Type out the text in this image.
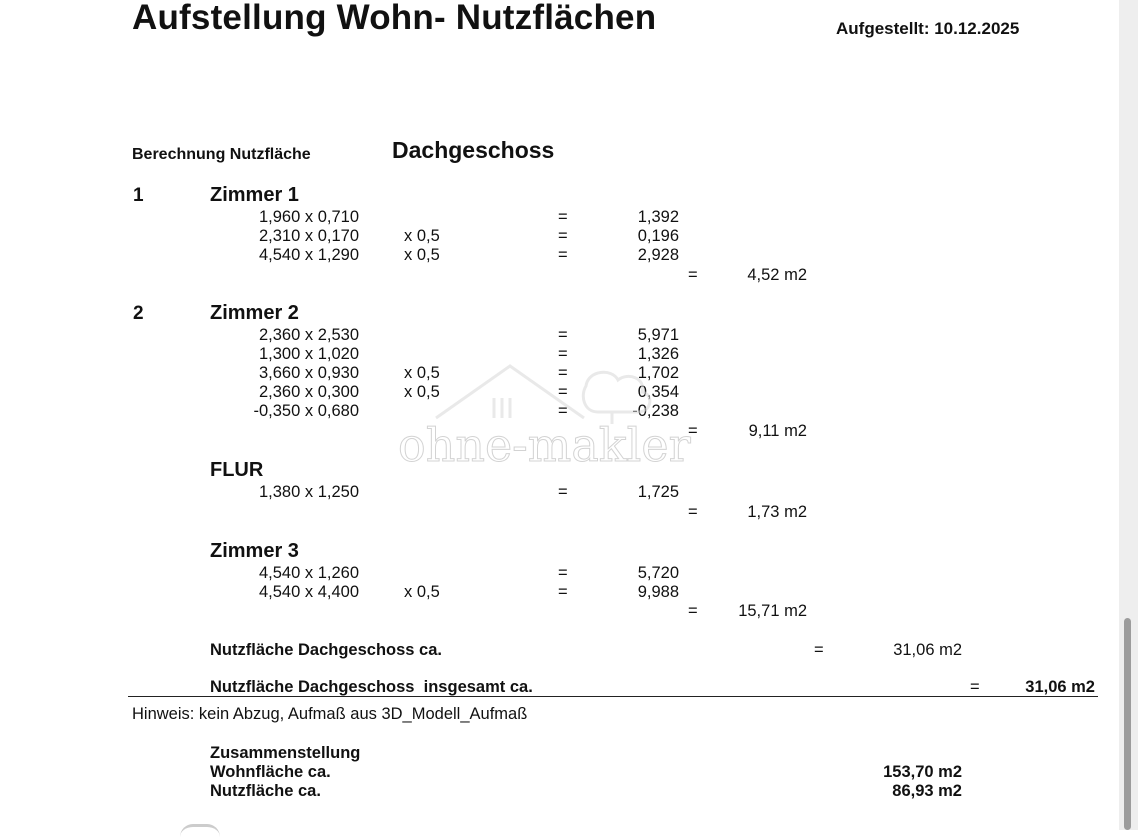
Aufstellung Wohn- Nutzflächen	Aufgestellt: 10.12.2025
Berechnung Nutzfläche	Dachgeschoss
1	Zimmer 1
1,960 x 0,710	=	1,392
2,310 x 0,170	x 0,5	=	0,196
4,540 x 1,290	x 0,5	=	2,928
=	4,52 m2
2	Zimmer 2
2,360 x 2,530	=	5,971
1,300 x 1,020	=	1,326
3,660 x 0,930	x 0,5	=	1,702
2,360 x 0,300	x 0,5	=	0,354
-0,350 x 0,680	=	-0,238
=	9,11 m2
FLUR
1,380 x 1,250	=	1,725
=	1,73 m2
Zimmer 3
4,540 x 1,260	=	5,720
4,540 x 4,400	x 0,5	=	9,988
=	15,71 m2
Nutzfläche Dachgeschoss ca.	=	31,06 m2
Nutzfläche Dachgeschoss  insgesamt ca.	=	31,06 m2
Hinweis: kein Abzug, Aufmaß aus 3D_Modell_Aufmaß
Zusammenstellung
Wohnfläche ca.	153,70 m2
Nutzfläche ca.	86,93 m2
ohne-makler
